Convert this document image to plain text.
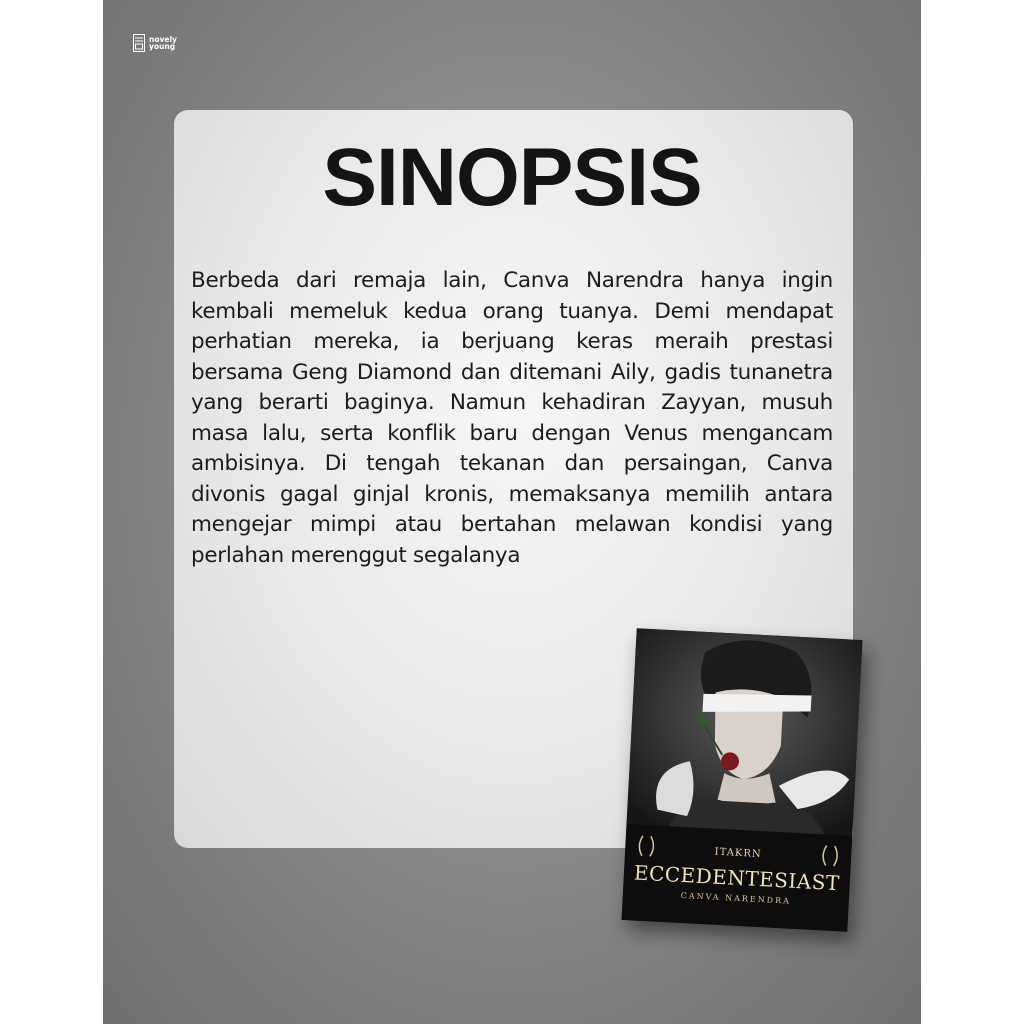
novely
young
SINOPSIS

Berbeda dari remaja lain, Canva Narendra hanya ingin kembali memeluk kedua orang tuanya. Demi mendapat perhatian mereka, ia berjuang keras meraih prestasi bersama Geng Diamond dan ditemani Aily, gadis tunanetra yang berarti baginya. Namun kehadiran Zayyan, musuh masa lalu, serta konflik baru dengan Venus mengancam ambisinya. Di tengah tekanan dan persaingan, Canva divonis gagal ginjal kronis, memaksanya memilih antara mengejar mimpi atau bertahan melawan kondisi yang perlahan merenggut segalanya

ITAKRN
ECCEDENTESIAST
CANVA NARENDRA
